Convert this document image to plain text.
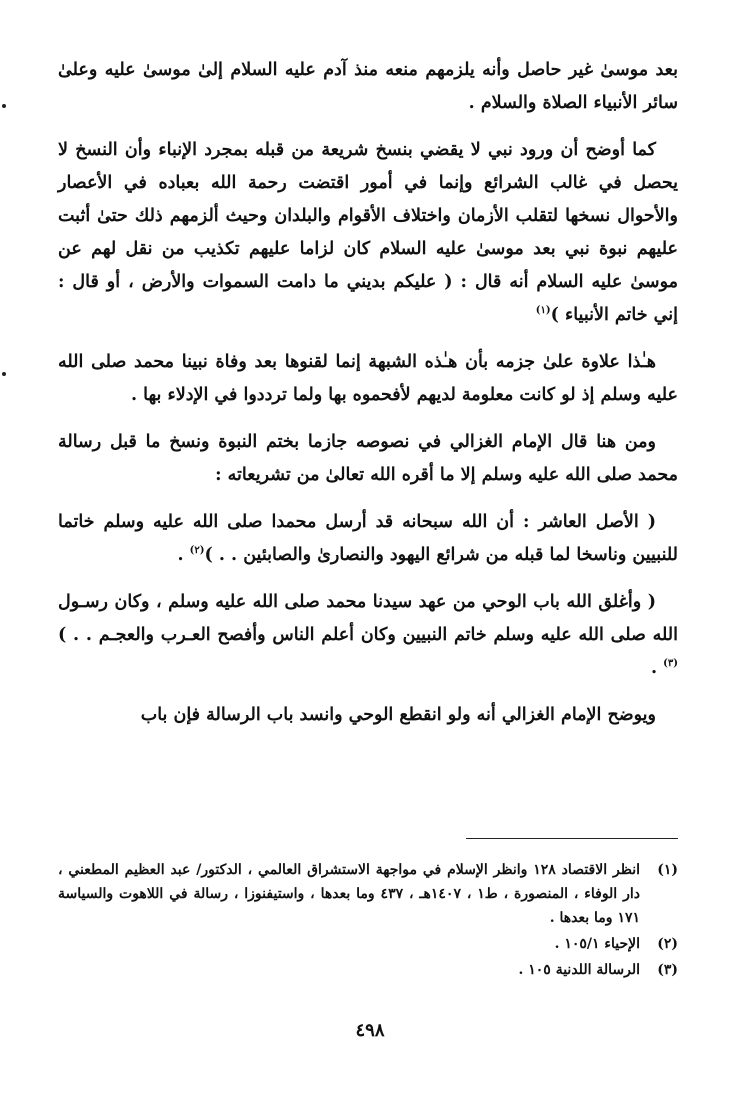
بعد موسىٰ غير حاصل وأنه يلزمهم منعه منذ آدم عليه السلام إلىٰ موسىٰ عليه وعلىٰ سائر الأنبياء الصلاة والسلام .

كما أوضح أن ورود نبي لا يقضي بنسخ شريعة من قبله بمجرد الإنباء وأن النسخ لا يحصل في غالب الشرائع وإنما في أمور اقتضت رحمة الله بعباده في الأعصار والأحوال نسخها لتقلب الأزمان واختلاف الأقوام والبلدان وحيث ألزمهم ذلك حتىٰ أثبت عليهم نبوة نبي بعد موسىٰ عليه السلام كان لزاما عليهم تكذيب من نقل لهم عن موسىٰ عليه السلام أنه قال : ( عليكم بديني ما دامت السموات والأرض ، أو قال : إني خاتم الأنبياء )$^{(١)}$

هـٰذا علاوة علىٰ جزمه بأن هـٰذه الشبهة إنما لقنوها بعد وفاة نبينا محمد صلى الله عليه وسلم إذ لو كانت معلومة لديهم لأفحموه بها ولما ترددوا في الإدلاء بها .

ومن هنا قال الإمام الغزالي في نصوصه جازما بختم النبوة ونسخ ما قبل رسالة محمد صلى الله عليه وسلم إلا ما أقره الله تعالىٰ من تشريعاته :

( الأصل العاشر : أن الله سبحانه قد أرسل محمدا صلى الله عليه وسلم خاتما للنبيين وناسخا لما قبله من شرائع اليهود والنصارىٰ والصابئين . . )$^{(٢)}$ .

( وأغلق الله باب الوحي من عهد سيدنا محمد صلى الله عليه وسلم ، وكان رسـول الله صلى الله عليه وسلم خاتم النبيين وكان أعلم الناس وأفصح العـرب والعجـم . . )$^{(٣)}$ .

ويوضح الإمام الغزالي أنه ولو انقطع الوحي وانسد باب الرسالة فإن باب

(١)
انظر الاقتصاد ١٢٨ وانظر الإسلام في مواجهة الاستشراق العالمي ، الدكتور/ عبد العظيم المطعني ، دار الوفاء ، المنصورة ، ط١ ، ١٤٠٧هـ ، ٤٣٧ وما بعدها ، واستيفنوزا ، رسالة في اللاهوت والسياسة ١٧١ وما بعدها .
(٢)
الإحياء ١٠٥/١ .
(٣)
الرسالة اللدنية ١٠٥ .
٤٩٨
